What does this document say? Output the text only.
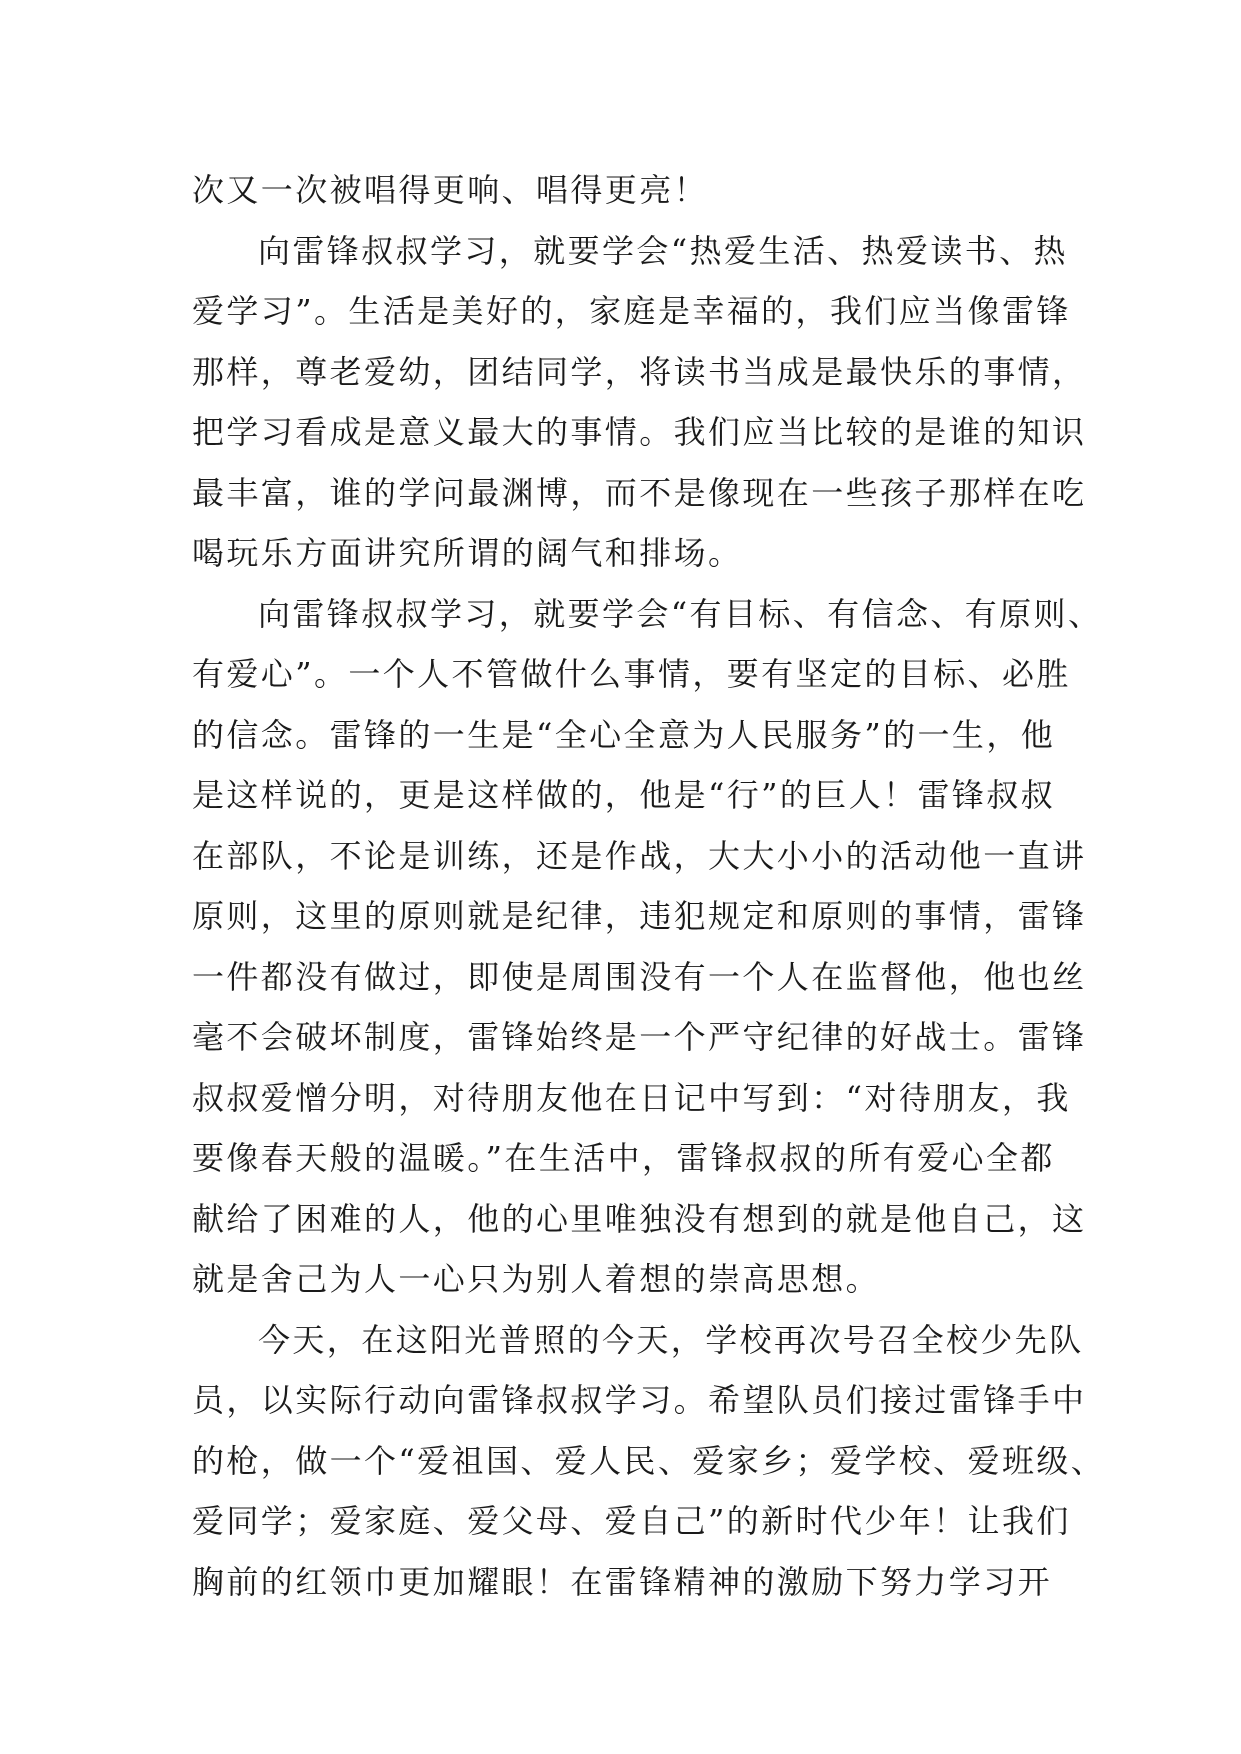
次又一次被唱得更响、唱得更亮！
向雷锋叔叔学习，就要学会“热爱生活、热爱读书、热
爱学习”。生活是美好的，家庭是幸福的，我们应当像雷锋
那样，尊老爱幼，团结同学，将读书当成是最快乐的事情，
把学习看成是意义最大的事情。我们应当比较的是谁的知识
最丰富，谁的学问最渊博，而不是像现在一些孩子那样在吃
喝玩乐方面讲究所谓的阔气和排场。
向雷锋叔叔学习，就要学会“有目标、有信念、有原则、
有爱心”。一个人不管做什么事情，要有坚定的目标、必胜
的信念。雷锋的一生是“全心全意为人民服务”的一生，他
是这样说的，更是这样做的，他是“行”的巨人！雷锋叔叔
在部队，不论是训练，还是作战，大大小小的活动他一直讲
原则，这里的原则就是纪律，违犯规定和原则的事情，雷锋
一件都没有做过，即使是周围没有一个人在监督他，他也丝
毫不会破坏制度，雷锋始终是一个严守纪律的好战士。雷锋
叔叔爱憎分明，对待朋友他在日记中写到：“对待朋友，我
要像春天般的温暖。”在生活中，雷锋叔叔的所有爱心全都
献给了困难的人，他的心里唯独没有想到的就是他自己，这
就是舍己为人一心只为别人着想的崇高思想。
今天，在这阳光普照的今天，学校再次号召全校少先队
员，以实际行动向雷锋叔叔学习。希望队员们接过雷锋手中
的枪，做一个“爱祖国、爱人民、爱家乡；爱学校、爱班级、
爱同学；爱家庭、爱父母、爱自己”的新时代少年！让我们
胸前的红领巾更加耀眼！在雷锋精神的激励下努力学习开
